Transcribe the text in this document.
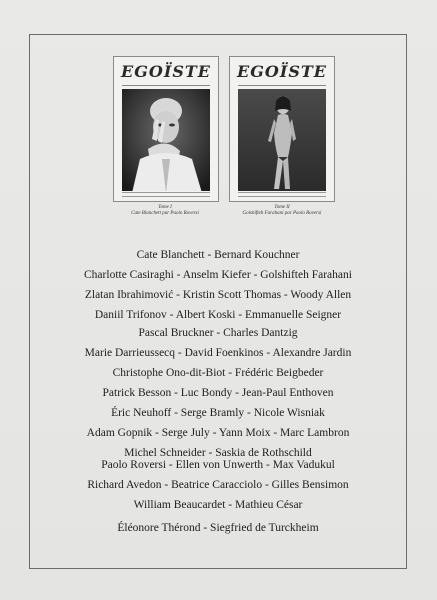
EGOÏSTE
Tome I
Cate Blanchett par Paolo Roversi
EGOÏSTE
Tome II
Golshifteh Farahani par Paolo Roversi
Cate Blanchett - Bernard Kouchner
Charlotte Casiraghi - Anselm Kiefer - Golshifteh Farahani
Zlatan Ibrahimović - Kristin Scott Thomas - Woody Allen
Daniil Trifonov - Albert Koski - Emmanuelle Seigner
Pascal Bruckner - Charles Dantzig
Marie Darrieussecq - David Foenkinos - Alexandre Jardin
Christophe Ono-dit-Biot - Frédéric Beigbeder
Patrick Besson - Luc Bondy - Jean-Paul Enthoven
Éric Neuhoff - Serge Bramly - Nicole Wisniak
Adam Gopnik - Serge July - Yann Moix - Marc Lambron
Michel Schneider - Saskia de Rothschild
Paolo Roversi - Ellen von Unwerth - Max Vadukul
Richard Avedon - Beatrice Caracciolo - Gilles Bensimon
William Beaucardet - Mathieu César
Éléonore Thérond - Siegfried de Turckheim
